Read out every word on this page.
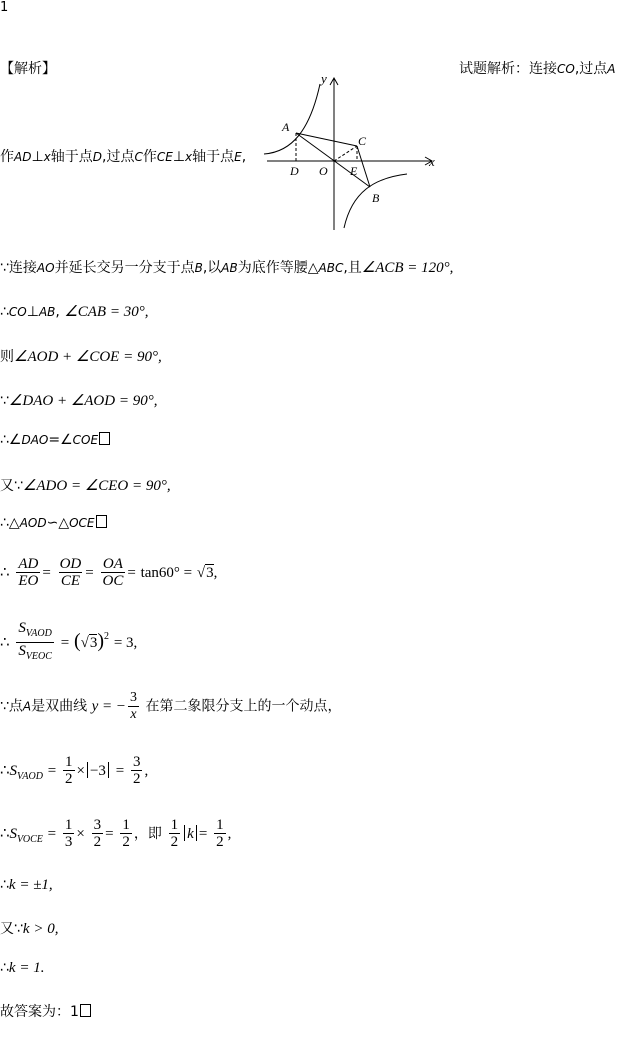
1
【解析】	试题解析：连接CO,过点A
作AD⊥x轴于点D,过点C作CE⊥x轴于点E,
y
x
A
C
D O E
B
∵连接AO并延长交另一分支于点B,以AB为底作等腰△ABC,且∠ACB = 120°,
∴CO⊥AB, ∠CAB = 30°,
则∠AOD + ∠COE = 90°,
∵∠DAO + ∠AOD = 90°,
∴∠DAO=∠COE
又∵∠ADO = ∠CEO = 90°,
∴△AOD∽△OCE
∴ $\frac{AD}{EO} = \frac{OD}{CE} = \frac{OA}{OC} = \tan 60^\circ = √3$,
∴ $\frac{S_{VAOD}}{S_{VEOC}} = (√3)^2 = 3$,
∵点A是双曲线 y = − $\frac{3}{x}$ 在第二象限分支上的一个动点，
$\therefore S_{VAOD} = \frac{1}{2} \times -3 = \frac{3}{2}$ ,
$\therefore S_{VOCE} = \frac{1}{3} \times \frac{3}{2} = \frac{1}{2}$ ，即 $\frac{1}{2}$ $k = \frac{1}{2}$ ,
∴k = ±1,
又∵k > 0,
∴k = 1.
故答案为：1
